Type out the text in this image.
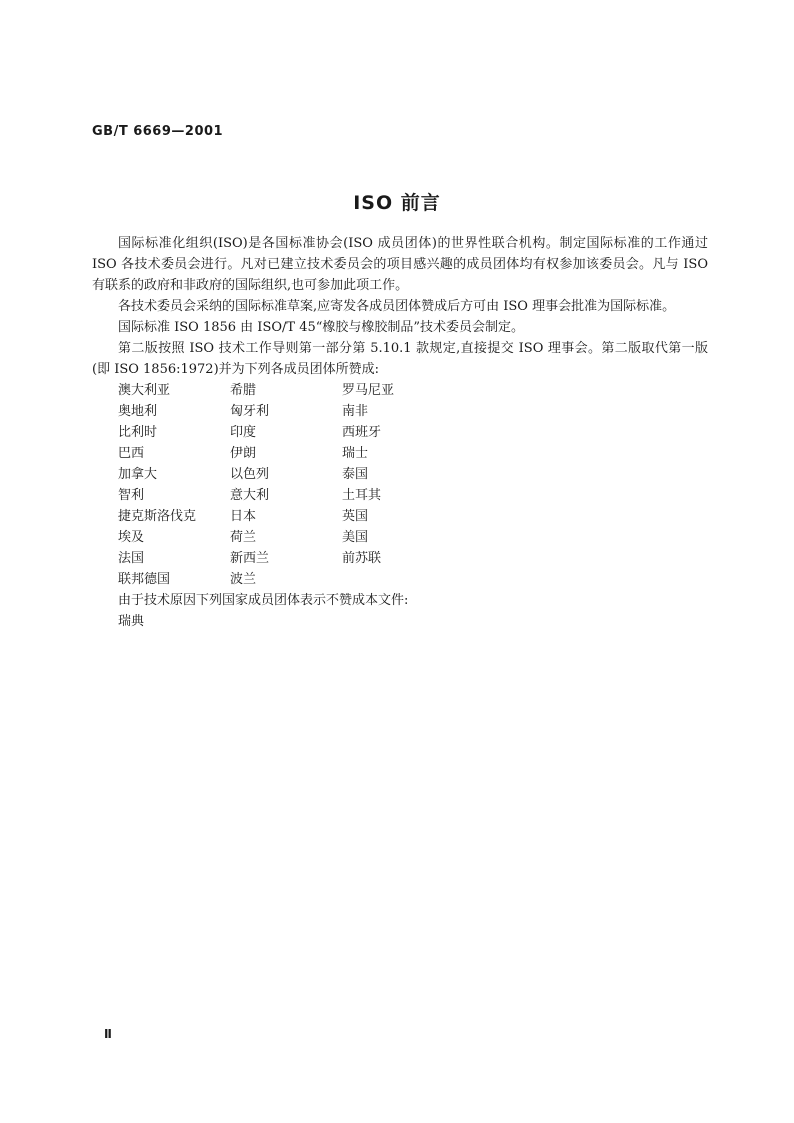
GB/T 6669—2001
ISO 前言

国际标准化组织(ISO)是各国标准协会(ISO 成员团体)的世界性联合机构。制定国际标准的工作通过 ISO 各技术委员会进行。凡对已建立技术委员会的项目感兴趣的成员团体均有权参加该委员会。凡与 ISO 有联系的政府和非政府的国际组织,也可参加此项工作。

各技术委员会采纳的国际标准草案,应寄发各成员团体赞成后方可由 ISO 理事会批准为国际标准。

国际标准 ISO 1856 由 ISO/T 45“橡胶与橡胶制品”技术委员会制定。

第二版按照 ISO 技术工作导则第一部分第 5.10.1 款规定,直接提交 ISO 理事会。第二版取代第一版(即 ISO 1856:1972)并为下列各成员团体所赞成:

澳大利亚	希腊	罗马尼亚
奥地利	匈牙利	南非
比利时	印度	西班牙
巴西	伊朗	瑞士
加拿大	以色列	泰国
智利	意大利	土耳其
捷克斯洛伐克	日本	英国
埃及	荷兰	美国
法国	新西兰	前苏联
联邦德国	波兰

由于技术原因下列国家成员团体表示不赞成本文件:

瑞典

Ⅱ
